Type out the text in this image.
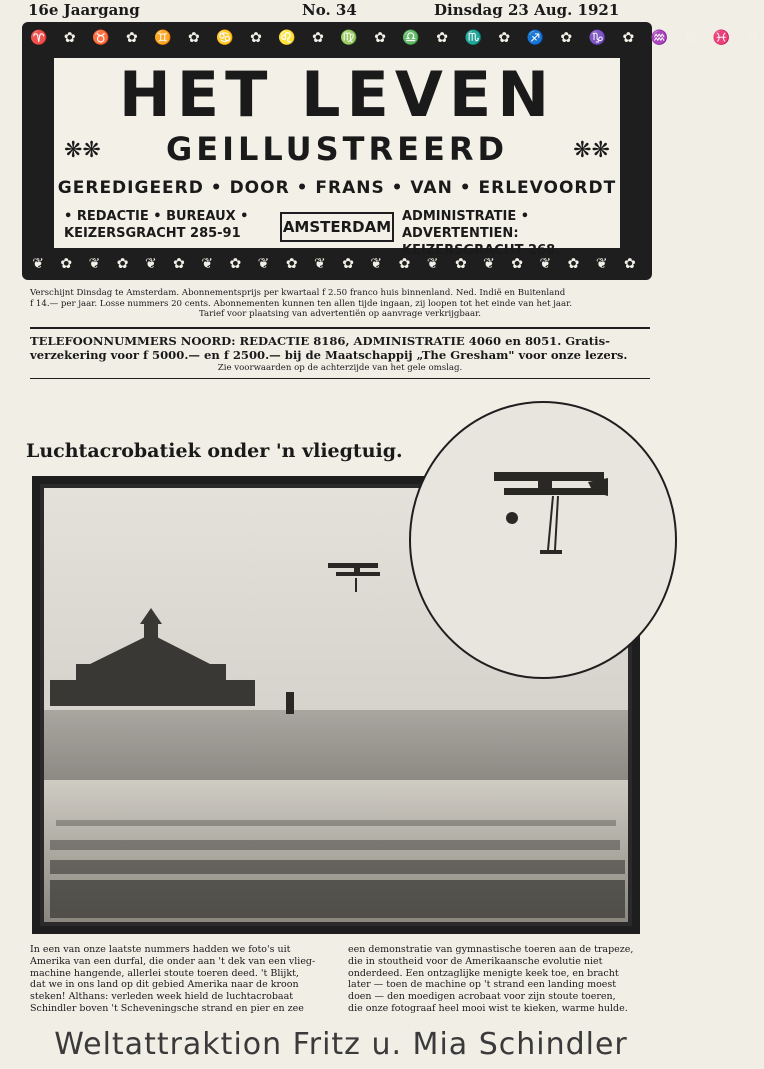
16e Jaargang	No. 34	Dinsdag 23 Aug. 1921
♈ ✿ ♉ ✿ ♊ ✿ ♋ ✿ ♌ ✿ ♍ ✿ ♎ ✿ ♏ ✿ ♐ ✿ ♑ ✿ ♒ ✿ ♓ ✿
❦ ✿ ❦ ✿ ❦ ✿ ❦ ✿ ❦ ✿ ❦ ✿ ❦ ✿ ❦ ✿ ❦ ✿ ❦ ✿ ❦ ✿
HET LEVEN
❋❋	GEILLUSTREERD	❋❋
GEREDIGEERD • DOOR • FRANS • VAN • ERLEVOORDT
• REDACTIE • BUREAUX •
KEIZERSGRACHT 285-91	AMSTERDAM
ADMINISTRATIE • ADVERTENTIEN:
KEIZERSGRACHT 268.
Verschijnt Dinsdag te Amsterdam. Abonnementsprijs per kwartaal f 2.50 franco huis binnenland. Ned. Indië en Buitenland
f 14.— per jaar. Losse nummers 20 cents. Abonnementen kunnen ten allen tijde ingaan, zij loopen tot het einde van het jaar.
Tarief voor plaatsing van advertentiën op aanvrage verkrijgbaar.
TELEFOONNUMMERS NOORD: REDACTIE 8186, ADMINISTRATIE 4060 en 8051. Gratis-
verzekering voor f 5000.— en f 2500.— bij de Maatschappij „The Gresham" voor onze lezers.
Zie voorwaarden op de achterzijde van het gele omslag.
Luchtacrobatiek onder 'n vliegtuig.
In een van onze laatste nummers hadden we foto's uit
Amerika van een durfal, die onder aan 't dek van een vlieg-
machine hangende, allerlei stoute toeren deed. 't Blijkt,
dat we in ons land op dit gebied Amerika naar de kroon
steken! Althans: verleden week hield de luchtacrobaat
Schindler boven 't Scheveningsche strand en pier en zee
een demonstratie van gymnastische toeren aan de trapeze,
die in stoutheid voor de Amerikaansche evolutie niet
onderdeed. Een ontzaglijke menigte keek toe, en bracht
later — toen de machine op 't strand een landing moest
doen — den moedigen acrobaat voor zijn stoute toeren,
die onze fotograaf heel mooi wist te kieken, warme hulde.
Weltattraktion Fritz u. Mia Schindler
